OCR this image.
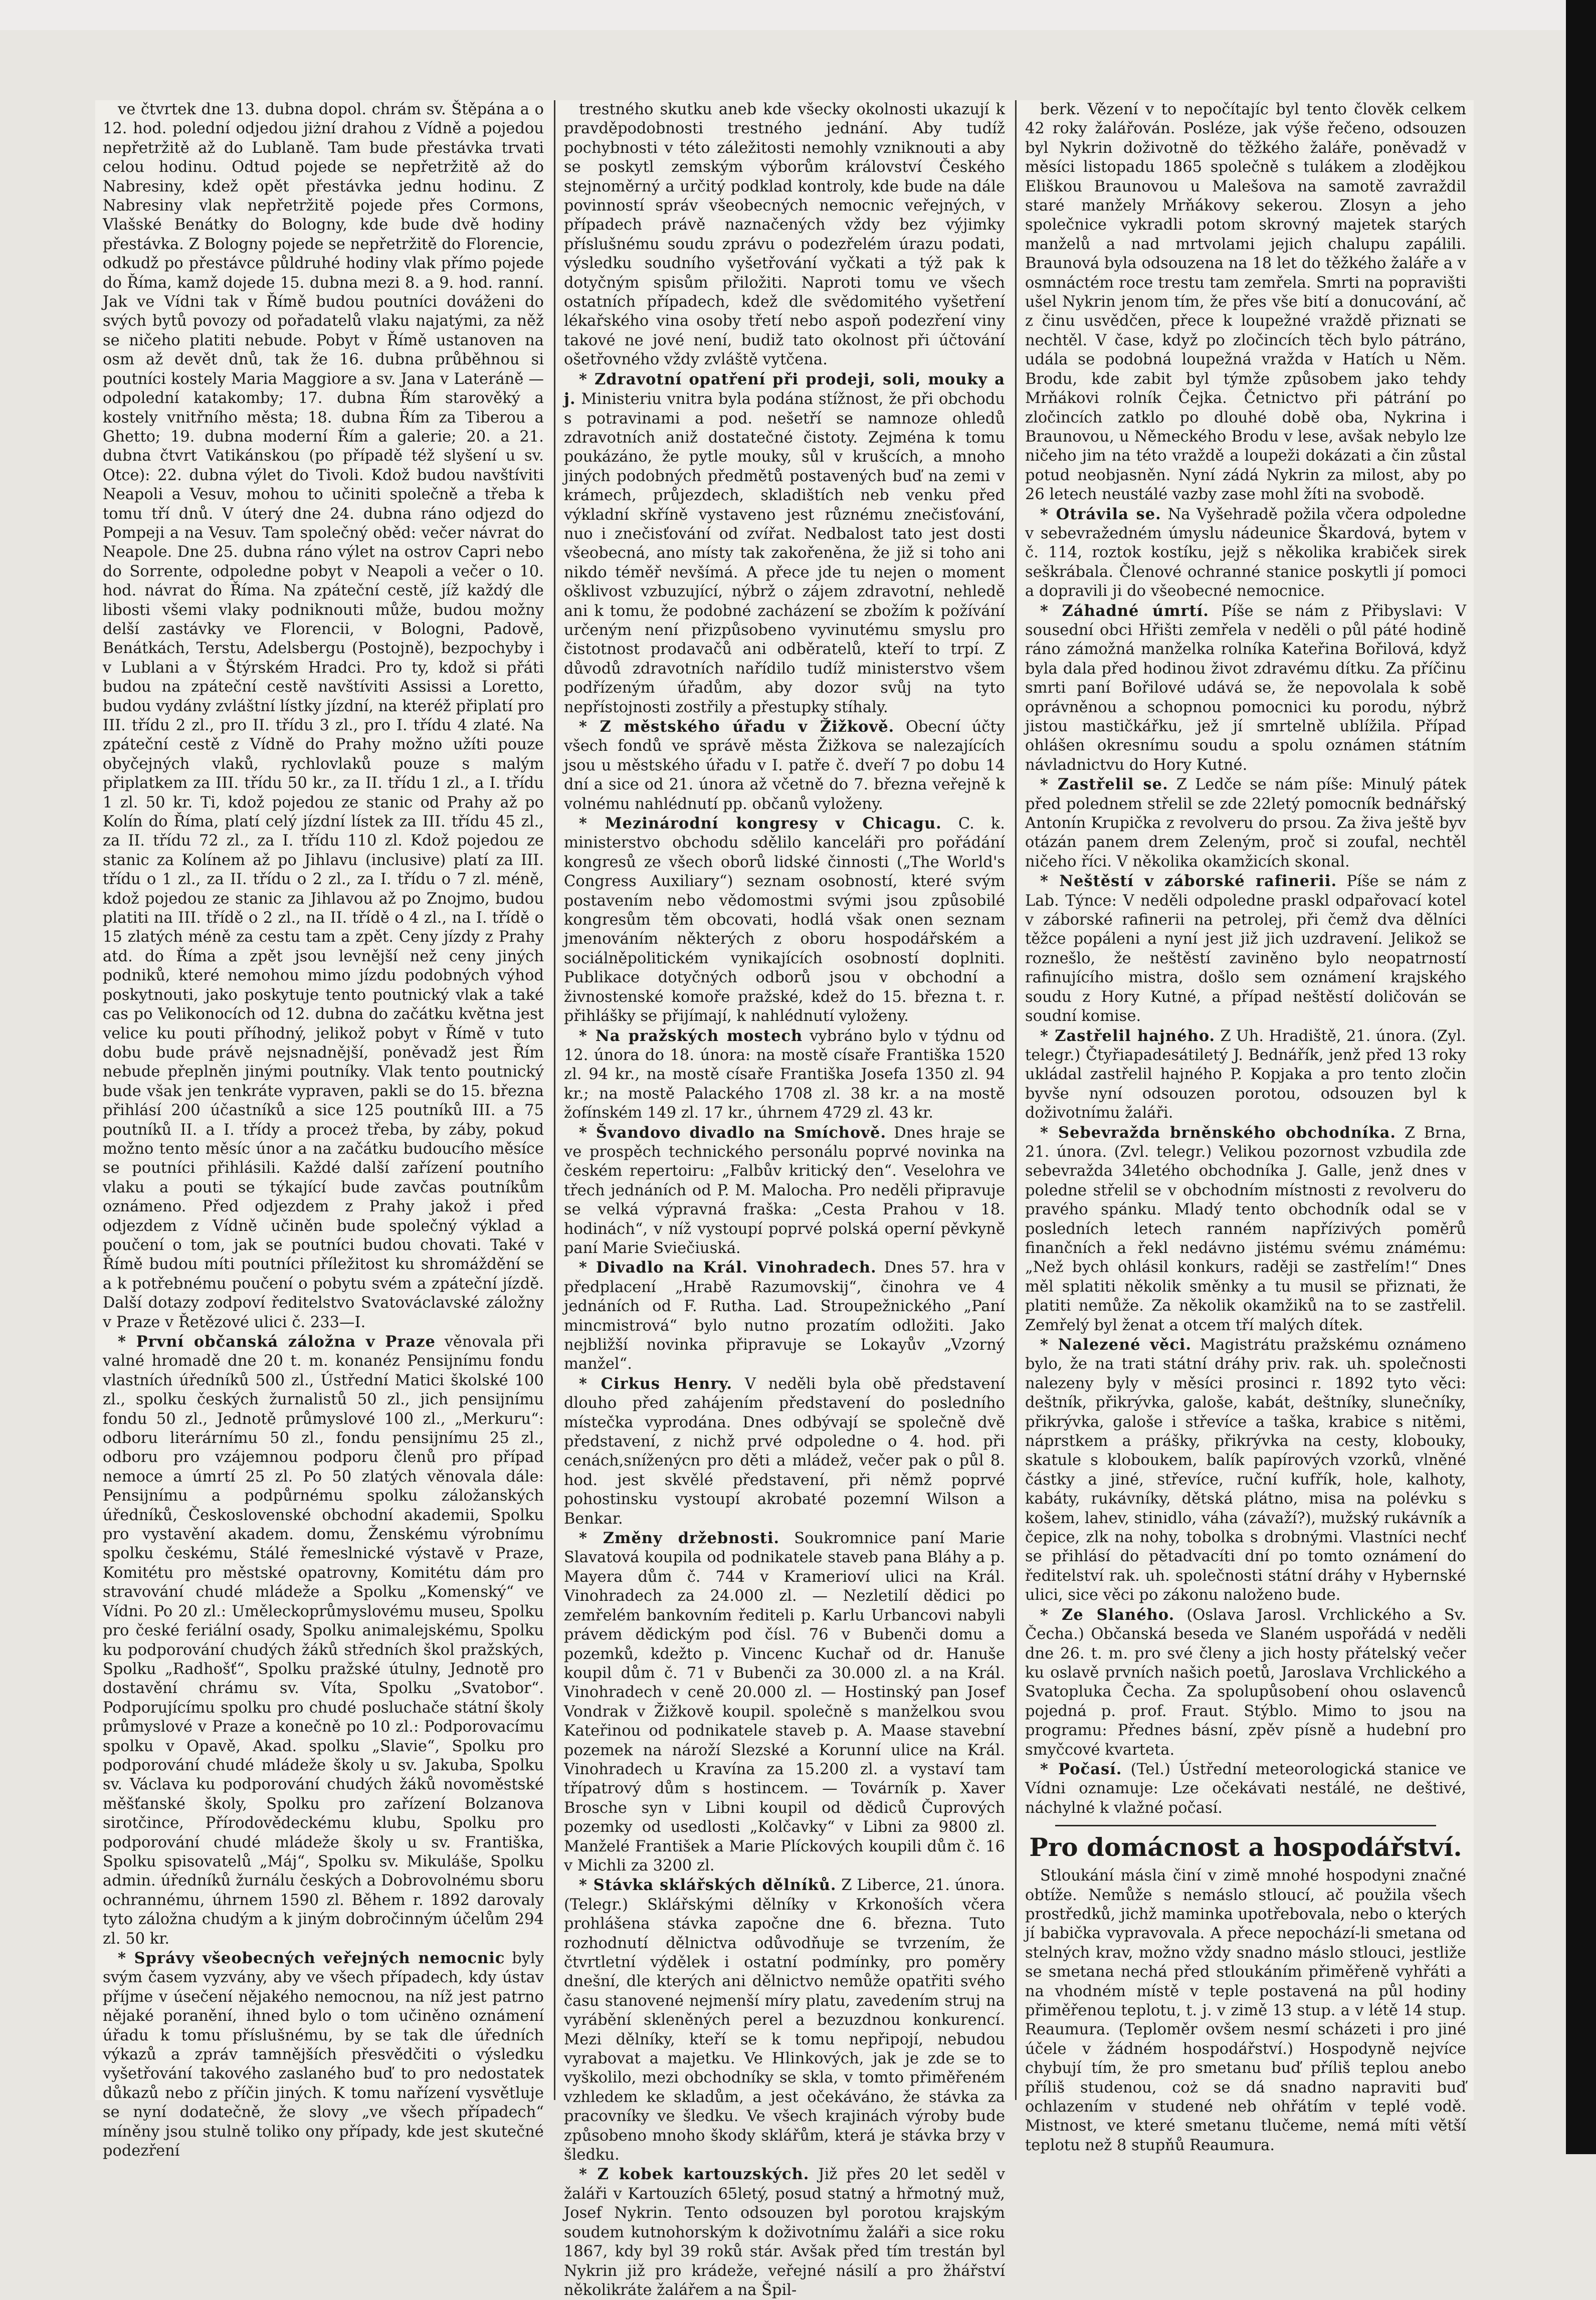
ve čtvrtek dne 13. dubna dopol. chrám sv. Štěpána a o 12. hod. polední odjedou jiżní drahou z Vídně a pojedou nepřetržitě až do Lublaně. Tam bude přestávka trvati celou hodinu. Odtud pojede se nepřetržitě až do Nabresiny, kdež opět přestávka jednu hodinu. Z Nabresiny vlak nepřetržitě pojede přes Cormons, Vlašské Benátky do Bologny, kde bude dvě hodiny přestávka. Z Bologny pojede se nepřetržitě do Florencie, odkudž po přestávce půldruhé hodiny vlak přímo pojede do Říma, kamž dojede 15. dubna mezi 8. a 9. hod. ranní. Jak ve Vídni tak v Římě budou poutníci dováženi do svých bytů povozy od pořadatelů vlaku najatými, za něž se ničeho platiti nebude. Pobyt v Římě ustanoven na osm až devět dnů, tak že 16. dubna průběhnou si poutníci kostely Maria Maggiore a sv. Jana v Lateráně — odpolední katakomby; 17. dubna Řím starověký a kostely vnitřního města; 18. dubna Řím za Tiberou a Ghetto; 19. dubna moderní Řím a galerie; 20. a 21. dubna čtvrt Vatikánskou (po případě též slyšení u sv. Otce): 22. dubna výlet do Tivoli. Kdož budou navštíviti Neapoli a Vesuv, mohou to učiniti společně a třeba k tomu tří dnů. V úterý dne 24. dubna ráno odjezd do Pompeji a na Vesuv. Tam společný oběd: večer návrat do Neapole. Dne 25. dubna ráno výlet na ostrov Capri nebo do Sorrente, odpoledne pobyt v Neapoli a večer o 10. hod. návrat do Říma. Na zpáteční cestě, jíž každý dle libosti všemi vlaky podniknouti může, budou možny delší zastávky ve Florencii, v Bologni, Padově, Benátkách, Terstu, Adelsbergu (Postojně), bezpochyby i v Lublani a v Štýrském Hradci. Pro ty, kdož si přáti budou na zpáteční cestě navštíviti Assissi a Loretto, budou vydány zvláštní lístky jízdní, na kteréž připlatí pro III. třídu 2 zl., pro II. třídu 3 zl., pro I. třídu 4 zlaté. Na zpáteční cestě z Vídně do Prahy možno užíti pouze obyčejných vlaků, rychlovlaků pouze s malým připlatkem za III. třídu 50 kr., za II. třídu 1 zl., a I. třídu 1 zl. 50 kr. Ti, kdož pojedou ze stanic od Prahy až po Kolín do Říma, platí celý jízdní lístek za III. třídu 45 zl., za II. třídu 72 zl., za I. třídu 110 zl. Kdož pojedou ze stanic za Kolínem až po Jihlavu (inclusive) platí za III. třídu o 1 zl., za II. třídu o 2 zl., za I. třídu o 7 zl. méně, kdož pojedou ze stanic za Jihlavou až po Znojmo, budou platiti na III. třídě o 2 zl., na II. třídě o 4 zl., na I. třídě o 15 zlatých méně za cestu tam a zpět. Ceny jízdy z Prahy atd. do Říma a zpět jsou levnější než ceny jiných podniků, které nemohou mimo jízdu podobných výhod poskytnouti, jako poskytuje tento poutnický vlak a také cas po Velikonocích od 12. dubna do začátku května jest velice ku pouti příhodný, jelikož pobyt v Římě v tuto dobu bude právě nejsnadnější, poněvadž jest Řím nebude přeplněn jinými poutníky. Vlak tento poutnický bude však jen tenkráte vypraven, pakli se do 15. března přihlásí 200 účastníků a sice 125 poutníků III. a 75 poutníků II. a I. třídy a proceż třeba, by záby, pokud možno tento měsíc únor a na začátku budoucího měsíce se poutníci přihlásili. Každé další zařízení poutního vlaku a pouti se týkající bude zavčas poutníkům oznámeno. Před odjezdem z Prahy jakož i před odjezdem z Vídně učiněn bude společný výklad a poučení o tom, jak se poutníci budou chovati. Také v Římě budou míti poutníci příležitost ku shromáždění se a k potřebnému poučení o pobytu svém a zpáteční jízdě. Další dotazy zodpoví ředitelstvo Svatováclavské záložny v Praze v Řetězové ulici č. 233—I.

* První občanská záložna v Praze věnovala při valné hromadě dne 20 t. m. konanéz Pensijnímu fondu vlastních úředníků 500 zl., Ústřední Matici školské 100 zl., spolku českých žurnalistů 50 zl., jich pensijnímu fondu 50 zl., Jednotě průmyslové 100 zl., „Merkuru“: odboru literárnímu 50 zl., fondu pensijnímu 25 zl., odboru pro vzájemnou podporu členů pro případ nemoce a úmrtí 25 zl. Po 50 zlatých věnovala dále: Pensijnímu a podpůrnému spolku záložanských úředníků, Československé obchodní akademii, Spolku pro vystavění akadem. domu, Ženskému výrobnímu spolku českému, Stálé řemeslnické výstavě v Praze, Komitétu pro městské opatrovny, Komitétu dám pro stravování chudé mládeže a Spolku „Komenský“ ve Vídni. Po 20 zl.: Uměleckoprůmyslovému museu, Spolku pro české feriální osady, Spolku animalejskému, Spolku ku podporování chudých žáků středních škol pražských, Spolku „Radhošť“, Spolku pražské útulny, Jednotě pro dostavění chrámu sv. Víta, Spolku „Svatobor“. Podporujícímu spolku pro chudé posluchače státní školy průmyslové v Praze a konečně po 10 zl.: Podporovacímu spolku v Opavě, Akad. spolku „Slavie“, Spolku pro podporování chudé mládeže školy u sv. Jakuba, Spolku sv. Václava ku podporování chudých žáků novoměstské měšťanské školy, Spolku pro zařízení Bolzanova sirotčince, Přírodovědeckému klubu, Spolku pro podporování chudé mládeže školy u sv. Františka, Spolku spisovatelů „Máj“, Spolku sv. Mikuláše, Spolku admin. úředníků žurnálu českých a Dobrovolnému sboru ochrannému, úhrnem 1590 zl. Během r. 1892 darovaly tyto záložna chudým a k jiným dobročinným účelům 294 zl. 50 kr.

* Správy všeobecných veřejných nemocnic byly svým časem vyzvány, aby ve všech případech, kdy ústav příjme v úsečení nějakého nemocnou, na níž jest patrno nějaké poranění, ihned bylo o tom učiněno oznámení úřadu k tomu příslušnému, by se tak dle úředních výkazů a zpráv tamnějších přesvědčiti o výsledku vyšetřování takového zaslaného buď to pro nedostatek důkazů nebo z příčin jiných. K tomu nařízení vysvětluje se nyní dodatečně, že slovy „ve všech případech“ míněny jsou stulně toliko ony případy, kde jest skutečné podezření

trestného skutku aneb kde všecky okolnosti ukazují k pravděpodobnosti trestného jednání. Aby tudíž pochybnosti v této záležitosti nemohly vzniknouti a aby se poskytl zemským výborům království Českého stejnoměrný a určitý podklad kontroly, kde bude na dále povinností správ všeobecných nemocnic veřejných, v případech právě naznačených vždy bez výjimky příslušnému soudu zprávu o podezřelém úrazu podati, výsledku soudního vyšetřování vyčkati a týž pak k dotyčným spisům přiložiti. Naproti tomu ve všech ostatních případech, kdež dle svědomitého vyšetření lékařského vina osoby třetí nebo aspoň podezření viny takové ne jové není, budiž tato okolnost při účtování ošetřovného vždy zvláště vytčena.

* Zdravotní opatření při prodeji, soli, mouky a j. Ministeriu vnitra byla podána stížnost, že při obchodu s potravinami a pod. nešetří se namnoze ohledů zdravotních aniž dostatečné čistoty. Zejména k tomu poukázáno, že pytle mouky, sůl v krušcích, a mnoho jiných podobných předmětů postavených buď na zemi v krámech, průjezdech, skladištích neb venku před výkladní skříně vystaveno jest různému znečisťování, nuo i znečisťování od zvířat. Nedbalost tato jest dosti všeobecná, ano místy tak zakořeněna, že již si toho ani nikdo téměř nevšímá. A přece jde tu nejen o moment ošklivost vzbuzující, nýbrž o zájem zdravotní, nehledě ani k tomu, že podobné zacházení se zbožím k požívání určeným není přizpůsobeno vyvinutému smyslu pro čistotnost prodavačů ani odběratelů, kteří to trpí. Z důvodů zdravotních nařídilo tudíž ministerstvo všem podřízeným úřadům, aby dozor svůj na tyto nepřístojnosti zostřily a přestupky stíhaly.

* Z městského úřadu v Žižkově. Obecní účty všech fondů ve správě města Žižkova se nalezajících jsou u městského úřadu v I. patře č. dveří 7 po dobu 14 dní a sice od 21. února až včetně do 7. března veřejně k volnému nahlédnutí pp. občanů vyloženy.

* Mezinárodní kongresy v Chicagu. C. k. ministerstvo obchodu sdělilo kanceláři pro pořádání kongresů ze všech oborů lidské činnosti („The World's Congress Auxiliary“) seznam osobností, které svým postavením nebo vědomostmi svými jsou způsobilé kongresům těm obcovati, hodlá však onen seznam jmenováním některých z oboru hospodářském a sociálněpolitickém vynikajících osobností doplniti. Publikace dotyčných odborů jsou v obchodní a živnostenské komoře pražské, kdež do 15. března t. r. přihlášky se přijímají, k nahlédnutí vyloženy.

* Na pražských mostech vybráno bylo v týdnu od 12. února do 18. února: na mostě císaře Františka 1520 zl. 94 kr., na mostě císaře Františka Josefa 1350 zl. 94 kr.; na mostě Palackého 1708 zl. 38 kr. a na mostě žofínském 149 zl. 17 kr., úhrnem 4729 zl. 43 kr.

* Švandovo divadlo na Smíchově. Dnes hraje se ve prospěch technického personálu poprvé novinka na českém repertoiru: „Falbův kritický den“. Veselohra ve třech jednáních od P. M. Malocha. Pro neděli připravuje se velká výpravná fraška: „Cesta Prahou v 18. hodinách“, v níž vystoupí poprvé polská operní pěvkyně paní Marie Sviečiuská.

* Divadlo na Král. Vinohradech. Dnes 57. hra v předplacení „Hrabě Razumovskij“, činohra ve 4 jednáních od F. Rutha. Lad. Stroupežnického „Paní mincmistrová“ bylo nutno prozatím odložiti. Jako nejbližší novinka připravuje se Lokayův „Vzorný manžel“.

* Cirkus Henry. V neděli byla obě představení dlouho před zahájením představení do posledního místečka vyprodána. Dnes odbývají se společně dvě představení, z nichž prvé odpoledne o 4. hod. při cenách,sníženýcn pro děti a mládež, večer pak o půl 8. hod. jest skvělé představení, při němž poprvé pohostinsku vystoupí akrobaté pozemní Wilson a Benkar.

* Změny držebnosti. Soukromnice paní Marie Slavatová koupila od podnikatele staveb pana Bláhy a p. Mayera dům č. 744 v Kramerioví ulici na Král. Vinohradech za 24.000 zl. — Nezletilí dědici po zemřelém bankovním řediteli p. Karlu Urbancovi nabyli právem dědickým pod čísl. 76 v Bubenči domu a pozemků, kdežto p. Vincenc Kuchař od dr. Hanuše koupil dům č. 71 v Bubenči za 30.000 zl. a na Král. Vinohradech v ceně 20.000 zl. — Hostinský pan Josef Vondrak v Žižkově koupil. společně s manželkou svou Kateřinou od podnikatele staveb p. A. Maase stavební pozemek na nároží Slezské a Korunní ulice na Král. Vinohradech u Kravína za 15.200 zl. a vystaví tam třípatrový dům s hostincem. — Továrník p. Xaver Brosche syn v Libni koupil od dědiců Čuprových pozemky od usedlosti „Kolčavky“ v Libni za 9800 zl. Manželé František a Marie Plíckových koupili dům č. 16 v Michli za 3200 zl.

* Stávka sklářských dělníků. Z Liberce, 21. února. (Telegr.) Sklářskými dělníky v Krkonoších včera prohlášena stávka započne dne 6. března. Tuto rozhodnutí dělnictva odůvodňuje se tvrzením, že čtvrtletní výdělek i ostatní podmínky, pro poměry dnešní, dle kterých ani dělnictvo nemůže opatřiti svého času stanovené nejmenší míry platu, zavedením struj na vyrábění skleněných perel a bezuzdnou konkurencí. Mezi dělníky, kteří se k tomu nepřipojí, nebudou vyrabovat a majetku. Ve Hlinkových, jak je zde se to vyškolilo, mezi obchodníky se skla, v tomto přiměřeném vzhledem ke skladům, a jest očekáváno, že stávka za pracovníky ve šledku. Ve všech krajinách výroby bude způsobeno mnoho škody sklářům, která je stávka brzy v šledku.

* Z kobek kartouzských. Již přes 20 let seděl v žaláři v Kartouzích 65letý, posud statný a hřmotný muž, Josef Nykrin. Tento odsouzen byl porotou krajským soudem kutnohorským k doživotnímu žaláři a sice roku 1867, kdy byl 39 roků stár. Avšak před tím trestán byl Nykrin již pro krádeže, veřejné násilí a pro žhářství několikráte žalářem a na Špil-

berk. Vězení v to nepočítajíc byl tento člověk celkem 42 roky žalářován. Posléze, jak výše řečeno, odsouzen byl Nykrin doživotně do těžkého žaláře, poněvadž v měsíci listopadu 1865 společně s tulákem a zlodějkou Eliškou Braunovou u Malešova na samotě zavraždil staré manžely Mrňákovy sekerou. Zlosyn a jeho společnice vykradli potom skrovný majetek starých manželů a nad mrtvolami jejich chalupu zapálili. Braunová byla odsouzena na 18 let do těžkého žaláře a v osmnáctém roce trestu tam zemřela. Smrti na popravišti ušel Nykrin jenom tím, že přes vše bití a donucování, ač z činu usvědčen, přece k loupežné vraždě přiznati se nechtěl. V čase, když po zločincích těch bylo pátráno, udála se podobná loupežná vražda v Hatích u Něm. Brodu, kde zabit byl týmže způsobem jako tehdy Mrňákovi rolník Čejka. Četnictvo při pátrání po zločincích zatklo po dlouhé době oba, Nykrina i Braunovou, u Německého Brodu v lese, avšak nebylo lze ničeho jim na této vraždě a loupeži dokázati a čin zůstal potud neobjasněn. Nyní zádá Nykrin za milost, aby po 26 letech neustálé vazby zase mohl žíti na svobodě.

* Otrávila se. Na Vyšehradě požila včera odpoledne v sebevražedném úmyslu nádeunice Škardová, bytem v č. 114, roztok kostíku, jejž s několika krabiček sirek seškrábala. Členové ochranné stanice poskytli jí pomoci a dopravili ji do všeobecné nemocnice.

* Záhadné úmrtí. Píše se nám z Přibyslavi: V sousední obci Hřišti zemřela v neděli o půl páté hodině ráno zámožná manželka rolníka Kateřina Bořilová, když byla dala před hodinou život zdravému dítku. Za příčinu smrti paní Bořilové udává se, že nepovolala k sobě oprávněnou a schopnou pomocnici ku porodu, nýbrž jistou mastičkářku, jež jí smrtelně ublížila. Případ ohlášen okresnímu soudu a spolu oznámen státním návladnictvu do Hory Kutné.

* Zastřelil se. Z Ledče se nám píše: Minulý pátek před polednem střelil se zde 22letý pomocník bednářský Antonín Krupička z revolveru do prsou. Za živa ještě byv otázán panem drem Zeleným, proč si zoufal, nechtěl ničeho říci. V několika okamžicích skonal.

* Neštěstí v záborské rafinerii. Píše se nám z Lab. Týnce: V neděli odpoledne praskl odpařovací kotel v záborské rafinerii na petrolej, při čemž dva dělníci těžce popáleni a nyní jest již jich uzdravení. Jelikož se roznešlo, že neštěstí zaviněno bylo neopatrností rafinujícího mistra, došlo sem oznámení krajského soudu z Hory Kutné, a případ neštěstí doličován se soudní komise.

* Zastřelil hajného. Z Uh. Hradiště, 21. února. (Zyl. telegr.) Čtyřiapadesátiletý J. Bednářík, jenž před 13 roky ukládal zastřelil hajného P. Kopjaka a pro tento zločin byvše nyní odsouzen porotou, odsouzen byl k doživotnímu žaláři.

* Sebevražda brněnského obchodníka. Z Brna, 21. února. (Zvl. telegr.) Velikou pozornost vzbudila zde sebevražda 34letého obchodníka J. Galle, jenž dnes v poledne střelil se v obchodním místnosti z revolveru do pravého spánku. Mladý tento obchodník odal se v posledních letech ranném napřízivých poměrů finančních a řekl nedávno jistému svému známému: „Než bych ohlásil konkurs, raději se zastřelím!“ Dnes měl splatiti několik směnky a tu musil se přiznati, že platiti nemůže. Za několik okamžiků na to se zastřelil. Zemřelý byl ženat a otcem tří malých dítek.

* Nalezené věci. Magistrátu pražskému oznámeno bylo, že na trati státní dráhy priv. rak. uh. společnosti nalezeny byly v měsíci prosinci r. 1892 tyto věci: deštník, přikrývka, galoše, kabát, deštníky, slunečníky, přikrývka, galoše i střevíce a taška, krabice s nitěmi, náprstkem a prášky, přikrývka na cesty, klobouky, skatule s kloboukem, balík papírových vzorků, vlněné částky a jiné, střevíce, ruční kufřík, hole, kalhoty, kabáty, rukávníky, dětská plátno, misa na polévku s košem, lahev, stinidlo, váha (závaží?), mužský rukávník a čepice, zlk na nohy, tobolka s drobnými. Vlastníci nechť se přihlásí do pětadvacíti dní po tomto oznámení do ředitelství rak. uh. společnosti státní dráhy v Hybernské ulici, sice věci po zákonu naloženo bude.

* Ze Slaného. (Oslava Jarosl. Vrchlického a Sv. Čecha.) Občanská beseda ve Slaném uspořádá v neděli dne 26. t. m. pro své členy a jich hosty přátelský večer ku oslavě prvních našich poetů, Jaroslava Vrchlického a Svatopluka Čecha. Za spolupůsobení ohou oslavenců pojedná p. prof. Fraut. Stýblo. Mimo to jsou na programu: Přednes básní, zpěv písně a hudební pro smyčcové kvarteta.

* Počasí. (Tel.) Ústřední meteorologická stanice ve Vídni oznamuje: Lze očekávati nestálé, ne deštivé, náchylné k vlažné počasí.

Pro domácnost a hospodářství.

Stloukání másla činí v zimě mnohé hospodyni značné obtíže. Nemůže s nemáslo stloucí, ač použila všech prostředků, jichž maminka upotřebovala, nebo o kterých jí babička vypravovala. A přece nepochází-li smetana od stelných krav, možno vždy snadno máslo stlouci, jestliže se smetana nechá před stloukáním přiměřeně vyhřáti a na vhodném místě v teple postavená na půl hodiny přiměřenou teplotu, t. j. v zimě 13 stup. a v létě 14 stup. Reaumura. (Teploměr ovšem nesmí scházeti i pro jiné účele v žádném hospodářství.) Hospodyně nejvíce chybují tím, že pro smetanu buď příliš teplou anebo příliš studenou, coż se dá snadno napraviti buď ochlazením v studené neb ohřátím v teplé vodě. Mistnost, ve které smetanu tlučeme, nemá míti větší teplotu než 8 stupňů Reaumura.
